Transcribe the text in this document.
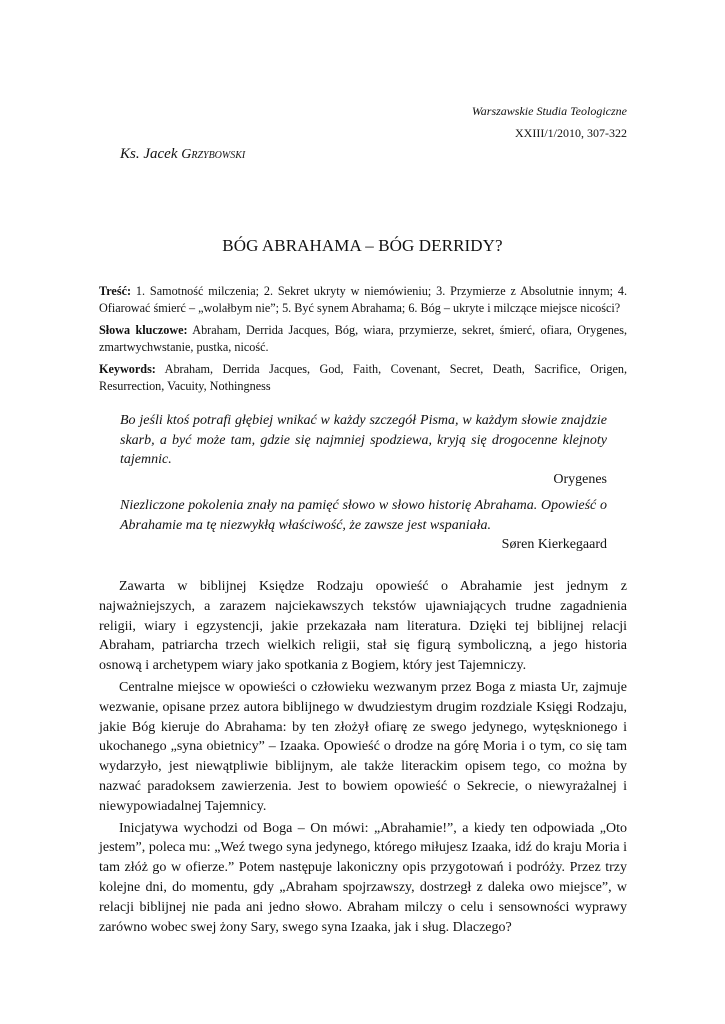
Warszawskie Studia Teologiczne
XXIII/1/2010, 307-322
Ks. Jacek Grzybowski
BÓG ABRAHAMA – BÓG DERRIDY?

Treść: 1. Samotność milczenia; 2. Sekret ukryty w niemówieniu; 3. Przymierze z Absolutnie innym; 4. Ofiarować śmierć – „wolałbym nie”; 5. Być synem Abrahama; 6. Bóg – ukryte i milczące miejsce nicości?

Słowa kluczowe: Abraham, Derrida Jacques, Bóg, wiara, przymierze, sekret, śmierć, ofiara, Orygenes, zmartwychwstanie, pustka, nicość.

Keywords: Abraham, Derrida Jacques, God, Faith, Covenant, Secret, Death, Sacrifice, Origen, Resurrection, Vacuity, Nothingness

Bo jeśli ktoś potrafi głębiej wnikać w każdy szczegół Pisma, w każdym słowie znajdzie skarb, a być może tam, gdzie się najmniej spodziewa, kryją się drogocenne klejnoty tajemnic.

Orygenes

Niezliczone pokolenia znały na pamięć słowo w słowo historię Abrahama. Opowieść o Abrahamie ma tę niezwykłą właściwość, że zawsze jest wspaniała.

Søren Kierkegaard

Zawarta w biblijnej Księdze Rodzaju opowieść o Abrahamie jest jednym z najważniejszych, a zarazem najciekawszych tekstów ujawniających trudne zagadnienia religii, wiary i egzystencji, jakie przekazała nam literatura. Dzięki tej biblijnej relacji Abraham, patriarcha trzech wielkich religii, stał się figurą symboliczną, a jego historia osnową i archetypem wiary jako spotkania z Bogiem, który jest Tajemniczy.

Centralne miejsce w opowieści o człowieku wezwanym przez Boga z miasta Ur, zajmuje wezwanie, opisane przez autora biblijnego w dwudziestym drugim rozdziale Księgi Rodzaju, jakie Bóg kieruje do Abrahama: by ten złożył ofiarę ze swego jedynego, wytęsknionego i ukochanego „syna obietnicy” – Izaaka. Opowieść o drodze na górę Moria i o tym, co się tam wydarzyło, jest niewątpliwie biblijnym, ale także literackim opisem tego, co można by nazwać paradoksem zawierzenia. Jest to bowiem opowieść o Sekrecie, o niewyrażalnej i niewypowiadalnej Tajemnicy.

Inicjatywa wychodzi od Boga – On mówi: „Abrahamie!”, a kiedy ten odpowiada „Oto jestem”, poleca mu: „Weź twego syna jedynego, którego miłujesz Izaaka, idź do kraju Moria i tam złóż go w ofierze.” Potem następuje lakoniczny opis przygotowań i podróży. Przez trzy kolejne dni, do momentu, gdy „Abraham spojrzawszy, dostrzegł z daleka owo miejsce”, w relacji biblijnej nie pada ani jedno słowo. Abraham milczy o celu i sensowności wyprawy zarówno wobec swej żony Sary, swego syna Izaaka, jak i sług. Dlaczego?
